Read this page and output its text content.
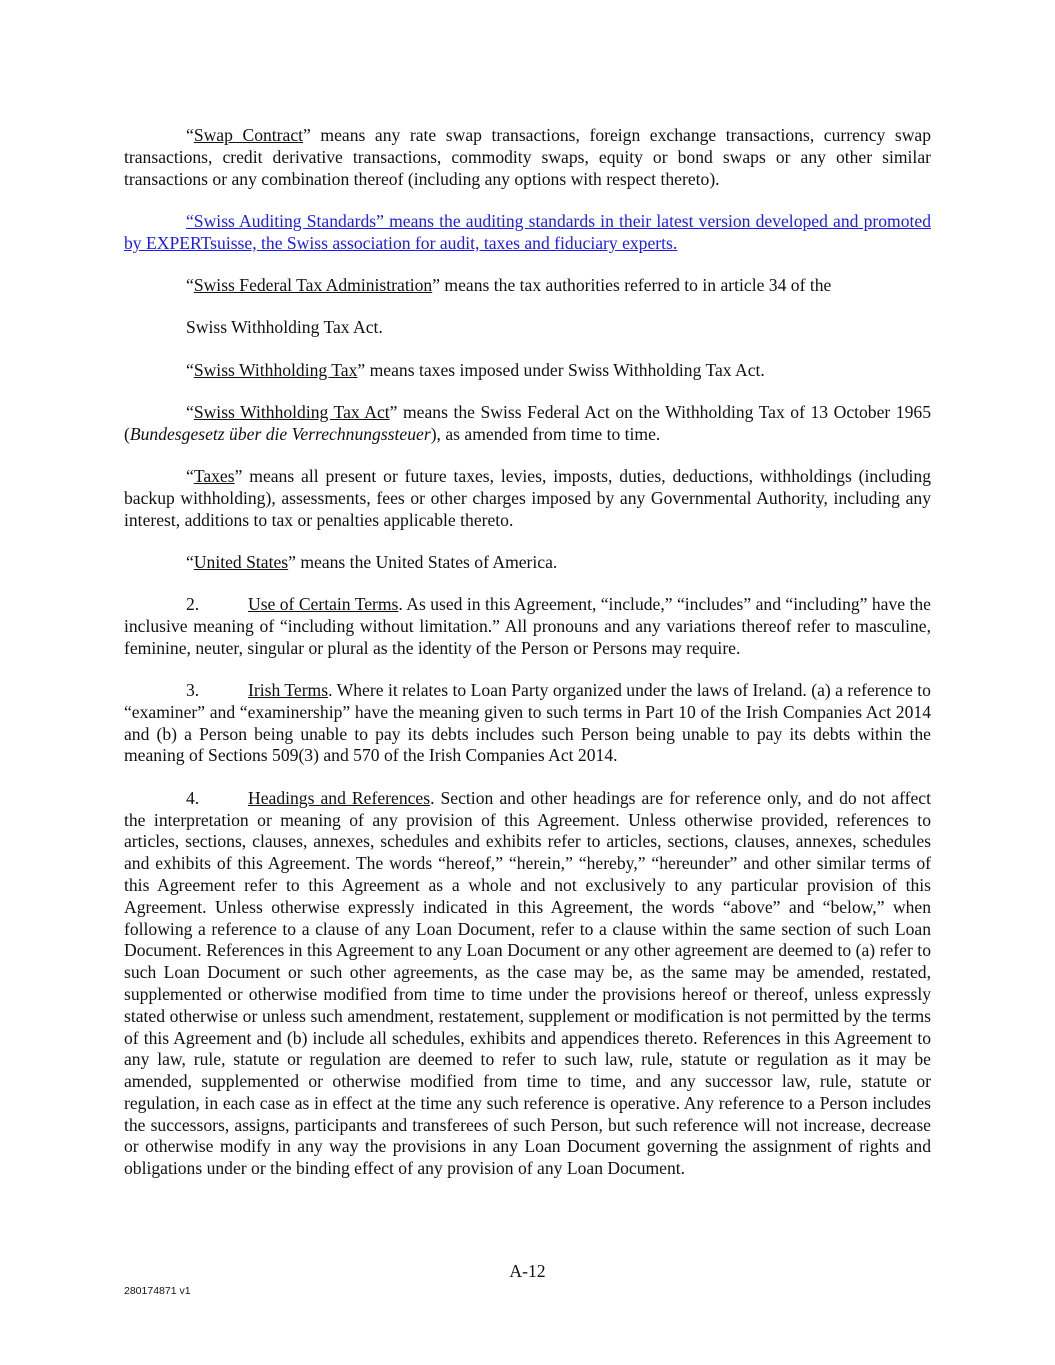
“Swap Contract” means any rate swap transactions, foreign exchange transactions, currency swap transactions, credit derivative transactions, commodity swaps, equity or bond swaps or any other similar transactions or any combination thereof (including any options with respect thereto).

“Swiss Auditing Standards” means the auditing standards in their latest version developed and promoted by EXPERTsuisse, the Swiss association for audit, taxes and fiduciary experts.

“Swiss Federal Tax Administration” means the tax authorities referred to in article 34 of the

Swiss Withholding Tax Act.

“Swiss Withholding Tax” means taxes imposed under Swiss Withholding Tax Act.

“Swiss Withholding Tax Act” means the Swiss Federal Act on the Withholding Tax of 13 October 1965 (Bundesgesetz über die Verrechnungssteuer), as amended from time to time.

“Taxes” means all present or future taxes, levies, imposts, duties, deductions, withholdings (including backup withholding), assessments, fees or other charges imposed by any Governmental Authority, including any interest, additions to tax or penalties applicable thereto.

“United States” means the United States of America.

2.	Use of Certain Terms. As used in this Agreement, “include,” “includes” and “including” have the inclusive meaning of “including without limitation.” All pronouns and any variations thereof refer to masculine, feminine, neuter, singular or plural as the identity of the Person or Persons may require.

3.	Irish Terms. Where it relates to Loan Party organized under the laws of Ireland. (a) a reference to “examiner” and “examinership” have the meaning given to such terms in Part 10 of the Irish Companies Act 2014 and (b) a Person being unable to pay its debts includes such Person being unable to pay its debts within the meaning of Sections 509(3) and 570 of the Irish Companies Act 2014.

4.	Headings and References. Section and other headings are for reference only, and do not affect the interpretation or meaning of any provision of this Agreement. Unless otherwise provided, references to articles, sections, clauses, annexes, schedules and exhibits refer to articles, sections, clauses, annexes, schedules and exhibits of this Agreement. The words “hereof,” “herein,” “hereby,” “hereunder” and other similar terms of this Agreement refer to this Agreement as a whole and not exclusively to any particular provision of this Agreement. Unless otherwise expressly indicated in this Agreement, the words “above” and “below,” when following a reference to a clause of any Loan Document, refer to a clause within the same section of such Loan Document. References in this Agreement to any Loan Document or any other agreement are deemed to (a) refer to such Loan Document or such other agreements, as the case may be, as the same may be amended, restated, supplemented or otherwise modified from time to time under the provisions hereof or thereof, unless expressly stated otherwise or unless such amendment, restatement, supplement or modification is not permitted by the terms of this Agreement and (b) include all schedules, exhibits and appendices thereto. References in this Agreement to any law, rule, statute or regulation are deemed to refer to such law, rule, statute or regulation as it may be amended, supplemented or otherwise modified from time to time, and any successor law, rule, statute or regulation, in each case as in effect at the time any such reference is operative. Any reference to a Person includes the successors, assigns, participants and transferees of such Person, but such reference will not increase, decrease or otherwise modify in any way the provisions in any Loan Document governing the assignment of rights and obligations under or the binding effect of any provision of any Loan Document.

A-12
280174871 v1
